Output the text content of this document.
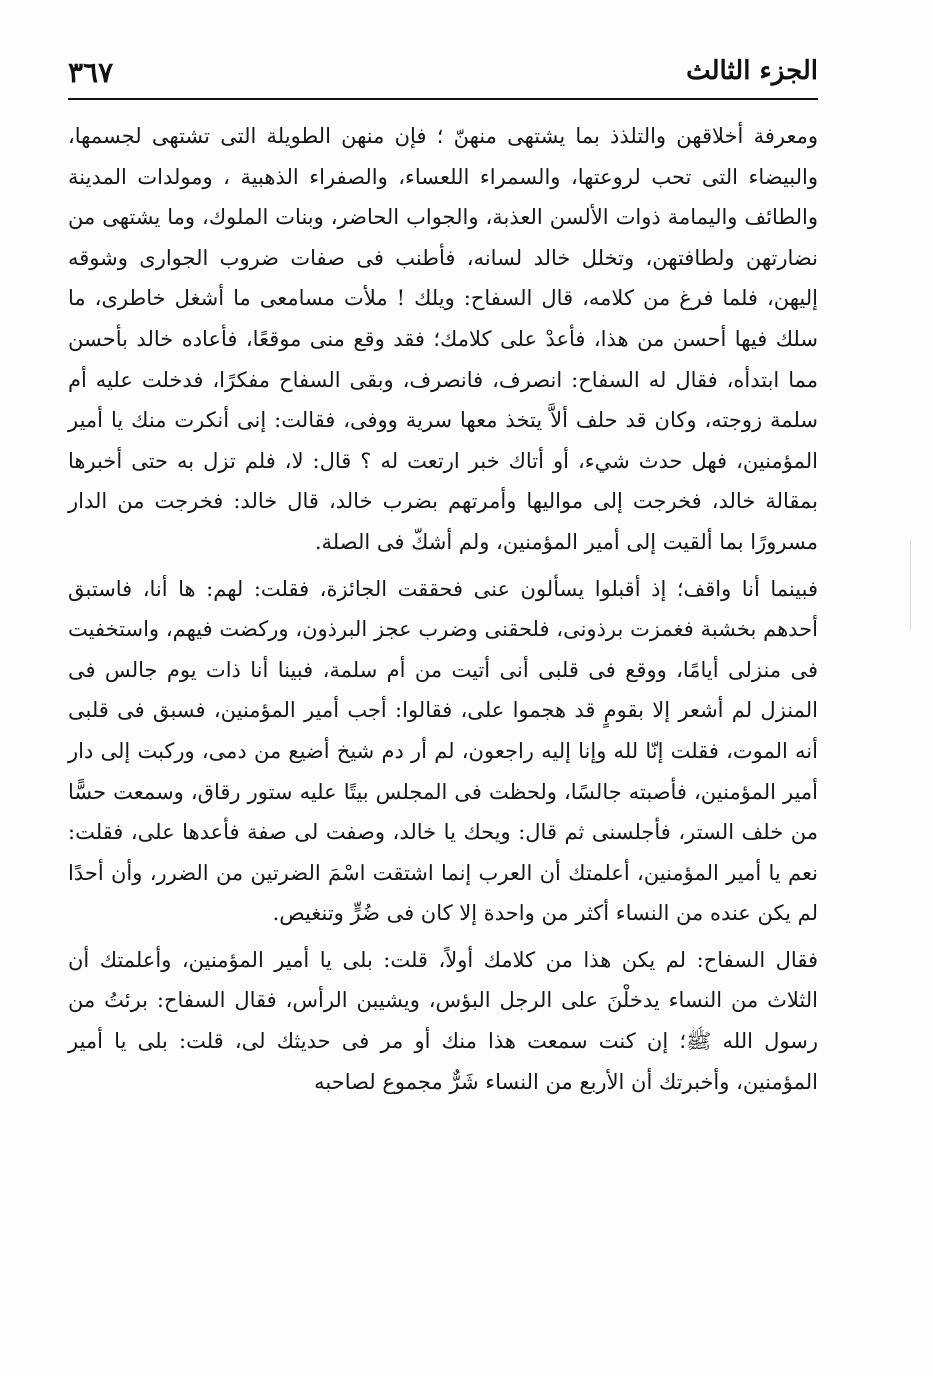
الجزء الثالث
٣٦٧

ومعرفة أخلاقهن والتلذذ بما يشتهى منهنّ ؛ فإن منهن الطويلة التى تشتهى لجسمها، والبيضاء التى تحب لروعتها، والسمراء اللعساء، والصفراء الذهبية ، ومولدات المدينة والطائف واليمامة ذوات الألسن العذبة، والجواب الحاضر، وبنات الملوك، وما يشتهى من نضارتهن ولطافتهن، وتخلل خالد لسانه، فأطنب فى صفات ضروب الجوارى وشوقه إليهن، فلما فرغ من كلامه، قال السفاح: ويلك ! ملأت مسامعى ما أشغل خاطرى، ما سلك فيها أحسن من هذا، فأعدْ على كلامك؛ فقد وقع منى موقعًا، فأعاده خالد بأحسن مما ابتدأه، فقال له السفاح: انصرف، فانصرف، وبقى السفاح مفكرًا، فدخلت عليه أم سلمة زوجته، وكان قد حلف ألاَّ يتخذ معها سرية ووفى، فقالت: إنى أنكرت منك يا أمير المؤمنين، فهل حدث شيء، أو أتاك خبر ارتعت له ؟ قال: لا، فلم تزل به حتى أخبرها بمقالة خالد، فخرجت إلى مواليها وأمرتهم بضرب خالد، قال خالد: فخرجت من الدار مسرورًا بما ألقيت إلى أمير المؤمنين، ولم أشكّ فى الصلة.

فبينما أنا واقف؛ إذ أقبلوا يسألون عنى فحققت الجائزة، فقلت: لهم: ها أنا، فاستبق أحدهم بخشبة فغمزت برذونى، فلحقنى وضرب عجز البرذون، وركضت فيهم، واستخفيت فى منزلى أيامًا، ووقع فى قلبى أنى أتيت من أم سلمة، فبينا أنا ذات يوم جالس فى المنزل لم أشعر إلا بقومٍ قد هجموا على، فقالوا: أجب أمير المؤمنين، فسبق فى قلبى أنه الموت، فقلت إنّا لله وإنا إليه راجعون، لم أر دم شيخ أضيع من دمى، وركبت إلى دار أمير المؤمنين، فأصبته جالسًا، ولحظت فى المجلس بيتًا عليه ستور رقاق، وسمعت حسًّا من خلف الستر، فأجلسنى ثم قال: ويحك يا خالد، وصفت لى صفة فأعدها على، فقلت: نعم يا أمير المؤمنين، أعلمتك أن العرب إنما اشتقت اسْمَ الضرتين من الضرر، وأن أحدًا لم يكن عنده من النساء أكثر من واحدة إلا كان فى ضُرٍّ وتنغيص.

فقال السفاح: لم يكن هذا من كلامك أولاً، قلت: بلى يا أمير المؤمنين، وأعلمتك أن الثلاث من النساء يدخلْنَ على الرجل البؤس، ويشيبن الرأس، فقال السفاح: برئتُ من رسول الله ﷺ؛ إن كنت سمعت هذا منك أو مر فى حديثك لى، قلت: بلى يا أمير المؤمنين، وأخبرتك أن الأربع من النساء شَرٌّ مجموع لصاحبه
